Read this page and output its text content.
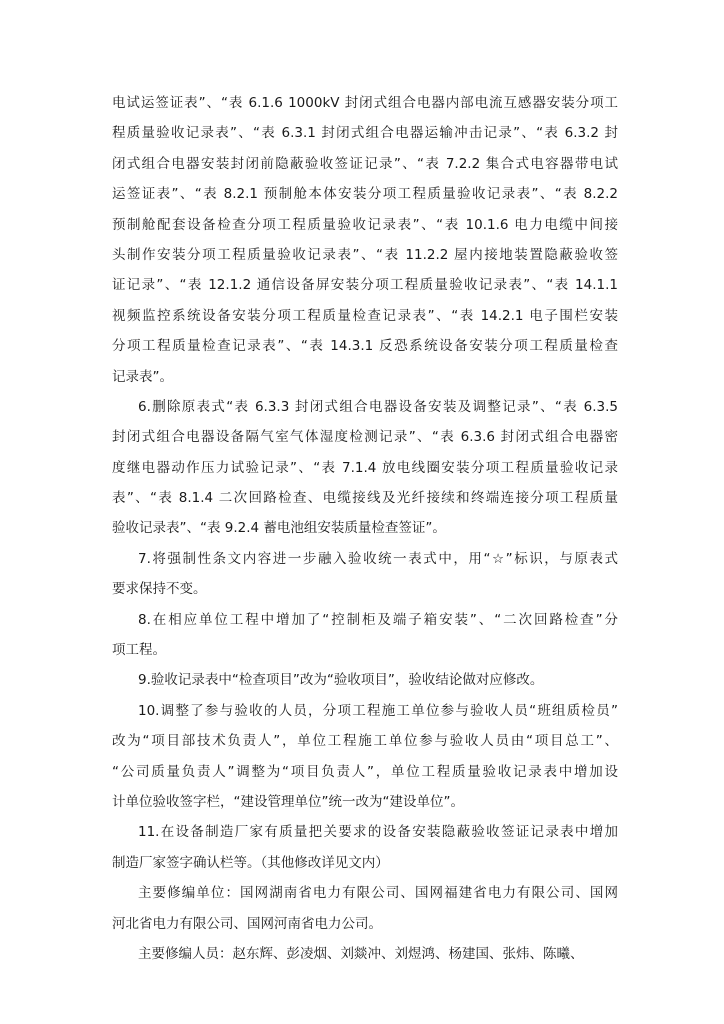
电试运签证表”、“表 6.1.6 1000kV 封闭式组合电器内部电流互感器安装分项工
程质量验收记录表”、“表 6.3.1 封闭式组合电器运输冲击记录”、“表 6.3.2 封
闭式组合电器安装封闭前隐蔽验收签证记录”、“表 7.2.2 集合式电容器带电试
运签证表”、“表 8.2.1 预制舱本体安装分项工程质量验收记录表”、“表 8.2.2
预制舱配套设备检查分项工程质量验收记录表”、“表 10.1.6 电力电缆中间接
头制作安装分项工程质量验收记录表”、“表 11.2.2 屋内接地装置隐蔽验收签
证记录”、“表 12.1.2 通信设备屏安装分项工程质量验收记录表”、“表 14.1.1
视频监控系统设备安装分项工程质量检查记录表”、“表 14.2.1 电子围栏安装
分项工程质量检查记录表”、“表 14.3.1 反恐系统设备安装分项工程质量检查
记录表”。
6.删除原表式“表 6.3.3 封闭式组合电器设备安装及调整记录”、“表 6.3.5
封闭式组合电器设备隔气室气体湿度检测记录”、“表 6.3.6 封闭式组合电器密
度继电器动作压力试验记录”、“表 7.1.4 放电线圈安装分项工程质量验收记录
表”、“表 8.1.4 二次回路检查、电缆接线及光纤接续和终端连接分项工程质量
验收记录表”、“表 9.2.4 蓄电池组安装质量检查签证”。
7.将强制性条文内容进一步融入验收统一表式中，用“☆”标识，与原表式
要求保持不变。
8.在相应单位工程中增加了“控制柜及端子箱安装”、“二次回路检查”分
项工程。
9.验收记录表中“检查项目”改为“验收项目”，验收结论做对应修改。
10.调整了参与验收的人员，分项工程施工单位参与验收人员“班组质检员”
改为“项目部技术负责人”，单位工程施工单位参与验收人员由“项目总工”、
“公司质量负责人”调整为“项目负责人”，单位工程质量验收记录表中增加设
计单位验收签字栏，“建设管理单位”统一改为“建设单位”。
11.在设备制造厂家有质量把关要求的设备安装隐蔽验收签证记录表中增加
制造厂家签字确认栏等。（其他修改详见文内）
主要修编单位：国网湖南省电力有限公司、国网福建省电力有限公司、国网
河北省电力有限公司、国网河南省电力公司。
主要修编人员：赵东辉、彭凌烟、刘燚冲、刘煜鸿、杨建国、张炜、陈曦、
